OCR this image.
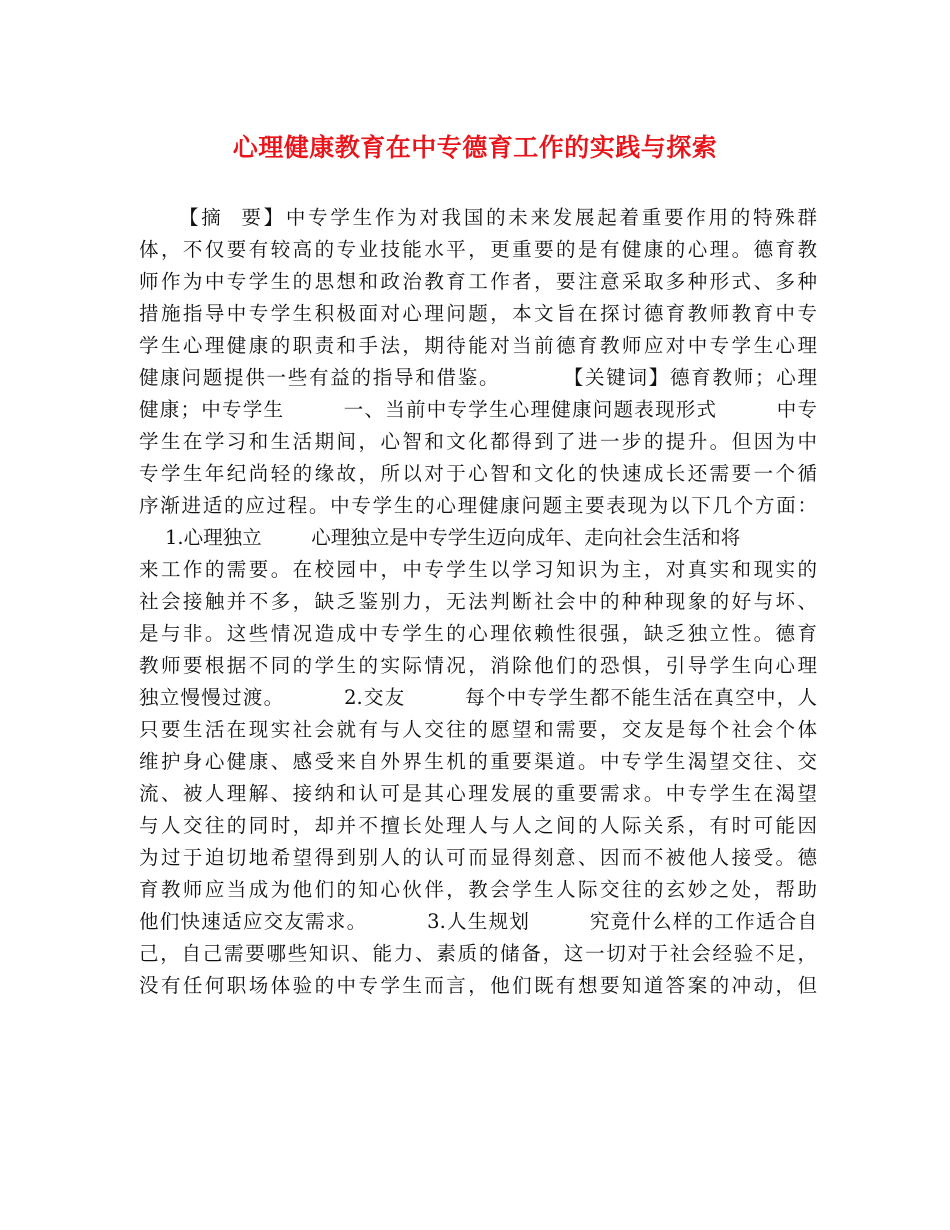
心理健康教育在中专德育工作的实践与探索
【摘  要】中专学生作为对我国的未来发展起着重要作用的特殊群
体，不仅要有较高的专业技能水平，更重要的是有健康的心理。德育教
师作为中专学生的思想和政治教育工作者，要注意采取多种形式、多种
措施指导中专学生积极面对心理问题，本文旨在探讨德育教师教育中专
学生心理健康的职责和手法，期待能对当前德育教师应对中专学生心理
健康问题提供一些有益的指导和借鉴。        【关键词】德育教师；心理
健康；中专学生        一、当前中专学生心理健康问题表现形式        中专
学生在学习和生活期间，心智和文化都得到了进一步的提升。但因为中
专学生年纪尚轻的缘故，所以对于心智和文化的快速成长还需要一个循
序渐进适的应过程。中专学生的心理健康问题主要表现为以下几个方面：
1.心理独立        心理独立是中专学生迈向成年、走向社会生活和将
来工作的需要。在校园中，中专学生以学习知识为主，对真实和现实的
社会接触并不多，缺乏鉴别力，无法判断社会中的种种现象的好与坏、
是与非。这些情况造成中专学生的心理依赖性很强，缺乏独立性。德育
教师要根据不同的学生的实际情况，消除他们的恐惧，引导学生向心理
独立慢慢过渡。        2.交友        每个中专学生都不能生活在真空中，人
只要生活在现实社会就有与人交往的愿望和需要，交友是每个社会个体
维护身心健康、感受来自外界生机的重要渠道。中专学生渴望交往、交
流、被人理解、接纳和认可是其心理发展的重要需求。中专学生在渴望
与人交往的同时，却并不擅长处理人与人之间的人际关系，有时可能因
为过于迫切地希望得到别人的认可而显得刻意、因而不被他人接受。德
育教师应当成为他们的知心伙伴，教会学生人际交往的玄妙之处，帮助
他们快速适应交友需求。        3.人生规划        究竟什么样的工作适合自
己，自己需要哪些知识、能力、素质的储备，这一切对于社会经验不足，
没有任何职场体验的中专学生而言，他们既有想要知道答案的冲动，但
